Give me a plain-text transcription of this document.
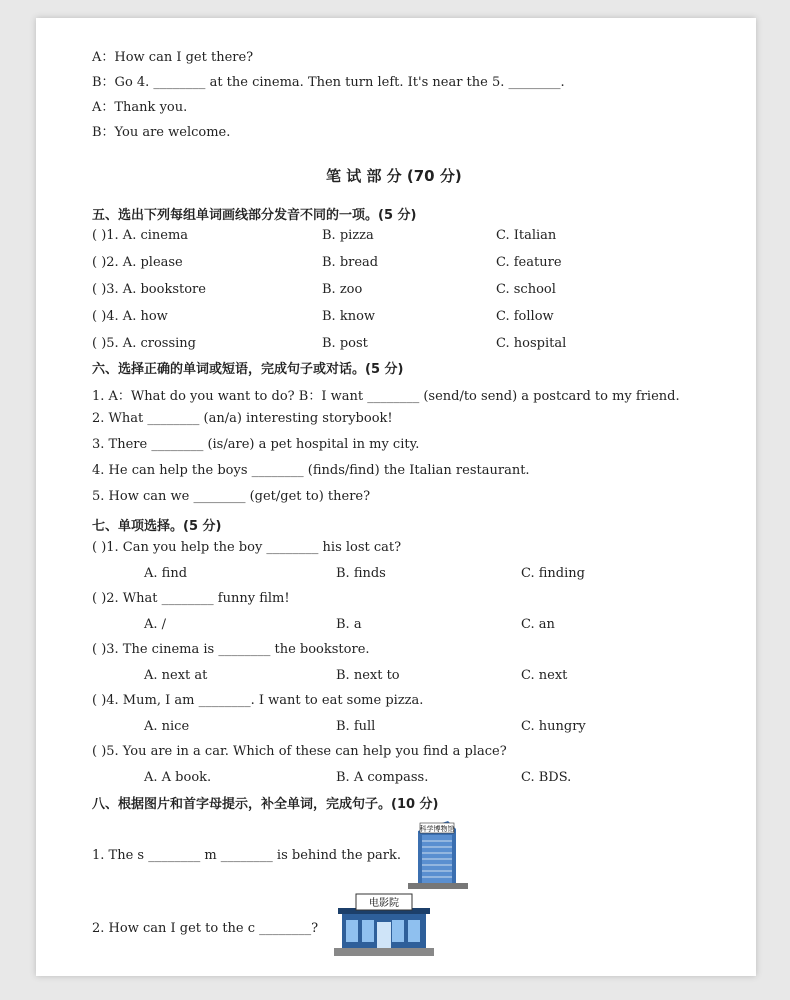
A：How can I get there?
B：Go 4. ________ at the cinema. Then turn left. It's near the 5. ________.
A：Thank you.
B：You are welcome.
笔 试 部 分 (70 分)
五、选出下列每组单词画线部分发音不同的一项。(5 分)
( )1. A. cinema	B. pizza	C. Italian
( )2. A. please	B. bread	C. feature
( )3. A. bookstore	B. zoo	C. school
( )4. A. how	B. know	C. follow
( )5. A. crossing	B. post	C. hospital
六、选择正确的单词或短语，完成句子或对话。(5 分)
1. A：What do you want to do? B：I want ________ (send/to send) a postcard to my friend.
2. What ________ (an/a) interesting storybook!
3. There ________ (is/are) a pet hospital in my city.
4. He can help the boys ________ (finds/find) the Italian restaurant.
5. How can we ________ (get/get to) there?
七、单项选择。(5 分)
( )1. Can you help the boy ________ his lost cat?
A. find	B. finds	C. finding
( )2. What ________ funny film!
A. /	B. a	C. an
( )3. The cinema is ________ the bookstore.
A. next at	B. next to	C. next
( )4. Mum, I am ________. I want to eat some pizza.
A. nice	B. full	C. hungry
( )5. You are in a car. Which of these can help you find a place?
A. A book.	B. A compass.	C. BDS.
八、根据图片和首字母提示，补全单词，完成句子。(10 分)
1. The s ________ m ________ is behind the park.
2. How can I get to the c ________?
科学博物馆
电影院
